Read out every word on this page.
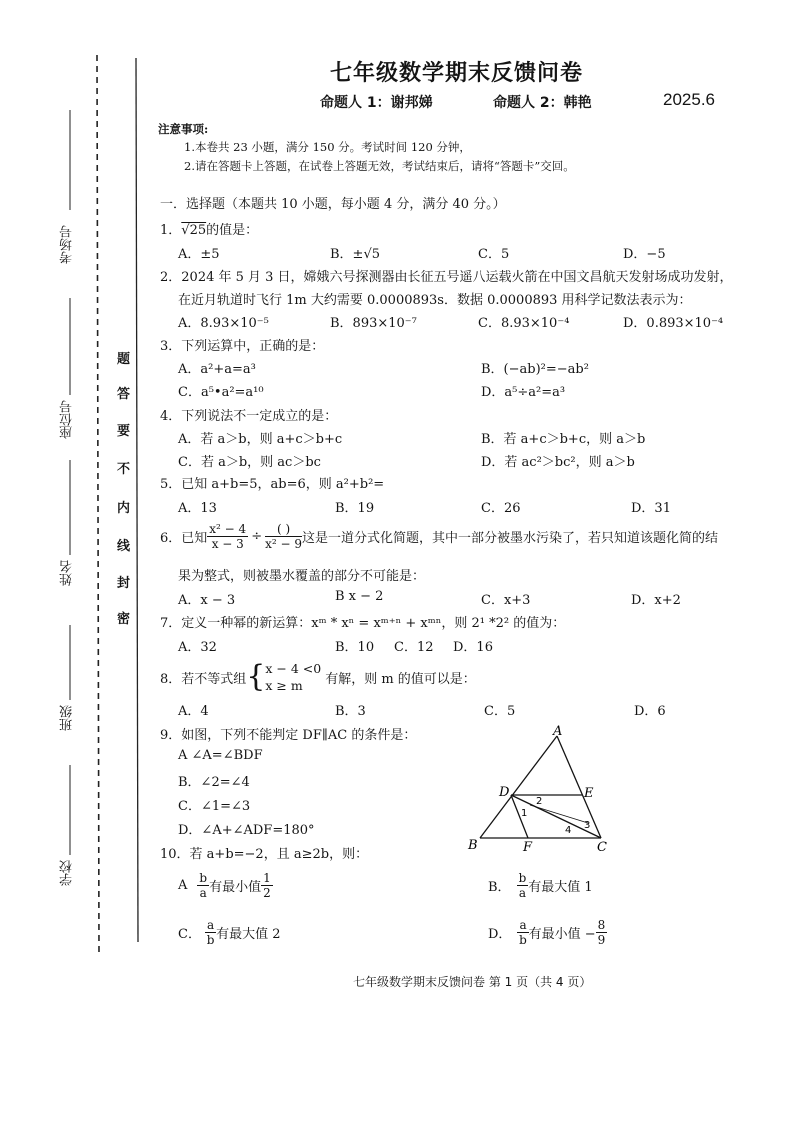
考场号
座位号
姓名
班级
学校
题
答
要
不
内
线
封
密
七年级数学期末反馈问卷
命题人 1：谢邦娣	命题人 2：韩艳	2025.6
注意事项:
1.本卷共 23 小题，满分 150 分。考试时间 120 分钟，
2.请在答题卡上答题，在试卷上答题无效，考试结束后，请将“答题卡”交回。
一．选择题（本题共 10 小题，每小题 4 分，满分 40 分。）
1．√25的值是：
A．±5	B．±√5	C．5	D．−5
2．2024 年 5 月 3 日，嫦娥六号探测器由长征五号遥八运载火箭在中国文昌航天发射场成功发射，
在近月轨道时飞行 1m 大约需要 0.0000893s．数据 0.0000893 用科学记数法表示为：
A．8.93×10⁻⁵	B．893×10⁻⁷	C．8.93×10⁻⁴	D．0.893×10⁻⁴
3．下列运算中，正确的是：
A．a²+a=a³	B．(−ab)²=−ab²
C．a⁵•a²=a¹⁰	D．a⁵÷a²=a³
4．下列说法不一定成立的是：
A．若 a＞b，则 a+c＞b+c	B．若 a+c＞b+c，则 a＞b
C．若 a＞b，则 ac＞bc	D．若 ac²＞bc²，则 a＞b
5．已知 a+b=5，ab=6，则 a²+b²=
A．13	B．19	C．26	D．31
6．已知 $\frac{\text{x² − 4}}{x - 3} \div \frac{( )}{\text{x² − 9}}$ 这是一道分式化简题，其中一部分被墨水污染了，若只知道该题化简的结
果为整式，则被墨水覆盖的部分不可能是：
A．x − 3	B x − 2	C．x+3	D．x+2
7．定义一种幂的新运算：xᵐ * xⁿ = xᵐ⁺ⁿ + xᵐⁿ，则 2¹ *2² 的值为：
A．32	B．10 C．12 D．16
8．若不等式组 { x − 4 <0
x ≥ m	有解，则 m 的值可以是：
A．4	B．3	C．5	D．6
9．如图，下列不能判定 DF∥AC 的条件是：
A ∠A=∠BDF
B．∠2=∠4
C．∠1=∠3
D．∠A+∠ADF=180°
A
B	C
D	E
F
1
2
3
4
10．若 a+b=−2，且 a≥2b，则：
A $\frac{b}{a}$ 有最小值 $\frac{1}{2}$	B． $\frac{b}{a}$ 有最大值 1
C． $\frac{a}{b}$ 有最大值 2	D． $\frac{a}{b}$ 有最小值 − $\frac{8}{9}$
七年级数学期末反馈问卷 第 1 页（共 4 页）
